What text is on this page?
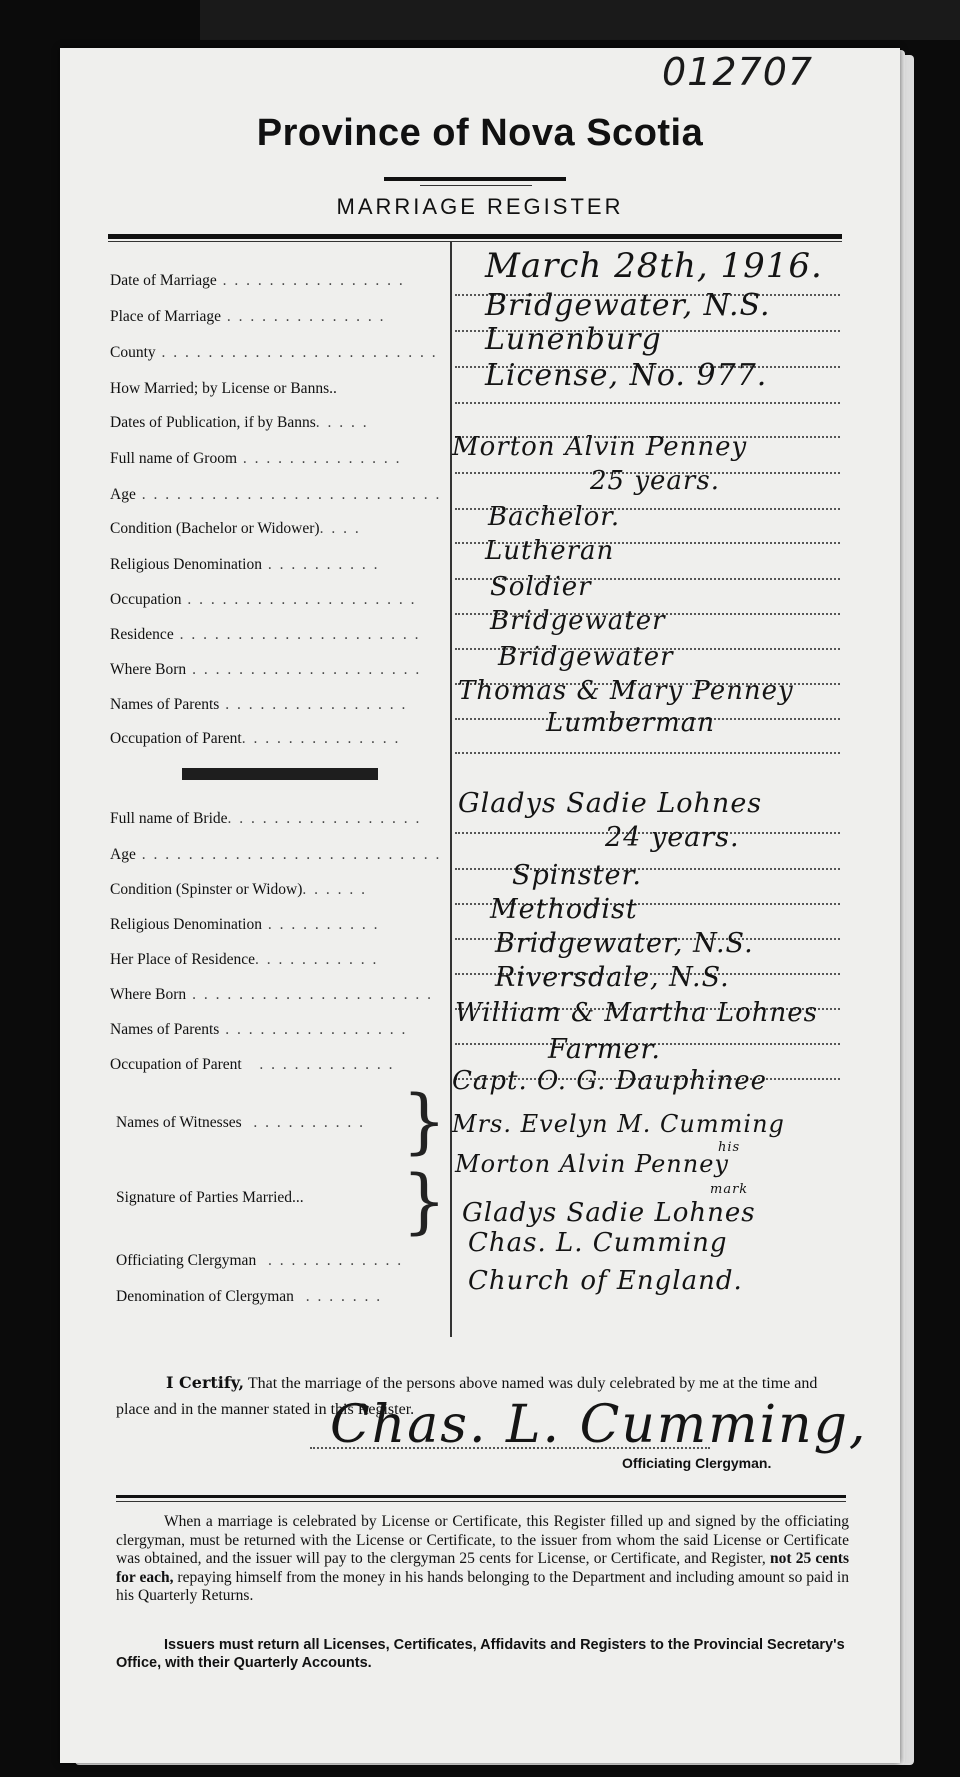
012707
Province of Nova Scotia
MARRIAGE REGISTER
Date of Marriage . . . . . . . . . . . . . . . .
Place of Marriage . . . . . . . . . . . . . .
County . . . . . . . . . . . . . . . . . . . . . . . .
How Married; by License or Banns..
Dates of Publication, if by Banns. . . . .
Full name of Groom . . . . . . . . . . . . . .
Age . . . . . . . . . . . . . . . . . . . . . . . . . .
Condition (Bachelor or Widower). . . .
Religious Denomination . . . . . . . . . .
Occupation . . . . . . . . . . . . . . . . . . . .
Residence . . . . . . . . . . . . . . . . . . . . .
Where Born . . . . . . . . . . . . . . . . . . . .
Names of Parents . . . . . . . . . . . . . . . .
Occupation of Parent. . . . . . . . . . . . . .
Full name of Bride. . . . . . . . . . . . . . . . .
Age . . . . . . . . . . . . . . . . . . . . . . . . . .
Condition (Spinster or Widow). . . . . .
Religious Denomination . . . . . . . . . .
Her Place of Residence. . . . . . . . . . .
Where Born . . . . . . . . . . . . . . . . . . . . .
Names of Parents . . . . . . . . . . . . . . . .
Occupation of Parent   . . . . . . . . . . . .
Names of Witnesses  . . . . . . . . . .
Signature of Parties Married...
Officiating Clergyman  . . . . . . . . . . . .
Denomination of Clergyman  . . . . . . .
}
}
March 28th, 1916.
Bridgewater, N.S.
Lunenburg
License, No. 977.
Morton Alvin Penney
25 years.
Bachelor.
Lutheran
Soldier
Bridgewater
Bridgewater
Thomas & Mary Penney
Lumberman
Gladys Sadie Lohnes
24 years.
Spinster.
Methodist
Bridgewater, N.S.
Riversdale, N.S.
William & Martha Lohnes
Farmer.
Capt. O. G. Dauphinee
Mrs. Evelyn M. Cumming
his
Morton Alvin Penney
mark
Gladys Sadie Lohnes
Chas. L. Cumming
Church of England.
I Certify, That the marriage of the persons above named was duly celebrated by me at the time and place and in the manner stated in this Register.
Chas. L. Cumming,
Officiating Clergyman.
When a marriage is celebrated by License or Certificate, this Register filled up and signed by the officiating clergyman, must be returned with the License or Certificate, to the issuer from whom the said License or Certificate was obtained, and the issuer will pay to the clergyman 25 cents for License, or Certificate, and Register, not 25 cents for each, repaying himself from the money in his hands belonging to the Department and including amount so paid in his Quarterly Returns.
Issuers must return all Licenses, Certificates, Affidavits and Registers to the Provincial Secretary's Office, with their Quarterly Accounts.
